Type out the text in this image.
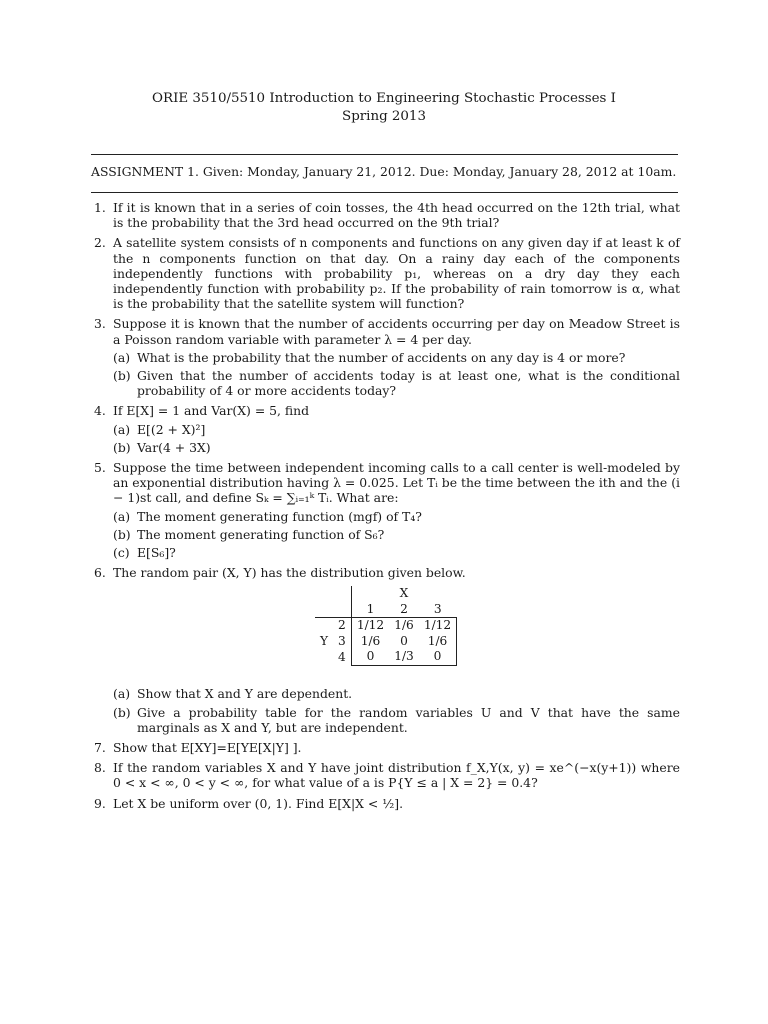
ORIE 3510/5510 Introduction to Engineering Stochastic Processes I
Spring 2013
ASSIGNMENT 1. Given: Monday, January 21, 2012. Due: Monday, January 28, 2012 at 10am.
1. If it is known that in a series of coin tosses, the 4th head occurred on the 12th trial, what is the probability that the 3rd head occurred on the 9th trial?
2. A satellite system consists of n components and functions on any given day if at least k of the n components function on that day. On a rainy day each of the components independently functions with probability p₁, whereas on a dry day they each independently function with probability p₂. If the probability of rain tomorrow is α, what is the probability that the satellite system will function?
3. Suppose it is known that the number of accidents occurring per day on Meadow Street is a Poisson random variable with parameter λ = 4 per day.
(a) What is the probability that the number of accidents on any day is 4 or more?
(b) Given that the number of accidents today is at least one, what is the conditional probability of 4 or more accidents today?
4. If E[X] = 1 and Var(X) = 5, find
(a) E[(2 + X)²]
(b) Var(4 + 3X)
5. Suppose the time between independent incoming calls to a call center is well-modeled by an exponential distribution having λ = 0.025. Let Tᵢ be the time between the ith and the (i − 1)st call, and define Sₖ = ∑ᵢ₌₁ᵏ Tᵢ. What are:
(a) The moment generating function (mgf) of T₄?
(b) The moment generating function of S₆?
(c) E[S₆]?
6. The random pair (X, Y) has the distribution given below.
			X	
		1	2	3
	2	1/12	1/6	1/12
Y	3	1/6	0	1/6
	4	0	1/3	0
(a) Show that X and Y are dependent.
(b) Give a probability table for the random variables U and V that have the same marginals as X and Y, but are independent.
7. Show that E[XY]=E[YE[X|Y] ].
8. If the random variables X and Y have joint distribution f_X,Y(x, y) = xe^(−x(y+1)) where 0 < x < ∞, 0 < y < ∞, for what value of a is P{Y ≤ a | X = 2} = 0.4?
9. Let X be uniform over (0, 1). Find E[X|X < ½].
